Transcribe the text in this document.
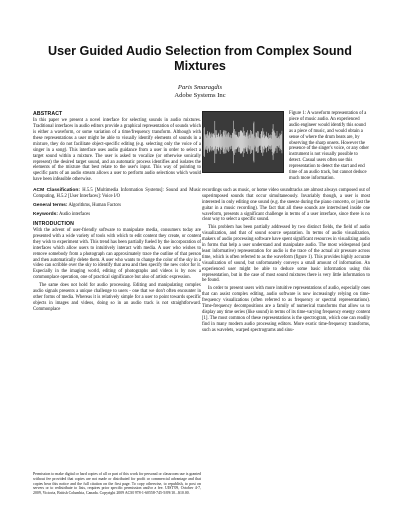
User Guided Audio Selection from Complex Sound Mixtures
Paris Smaragdis
Adobe Systems Inc
ABSTRACT
In this paper we present a novel interface for selecting sounds in audio mixtures. Traditional interfaces in audio editors provide a graphical representation of sounds which is either a waveform, or some variation of a time/frequency transform. Although with these representations a user might be able to visually identify elements of sounds in a mixture, they do not facilitate object-specific editing (e.g. selecting only the voice of a singer in a song). This interface uses audio guidance from a user in order to select a target sound within a mixture. The user is asked to vocalize (or otherwise sonically represent) the desired target sound, and an automatic process identifies and isolates the elements of the mixture that best relate to the user's input. This way of pointing to specific parts of an audio stream allows a user to perform audio selections which would have been infeasible otherwise.
ACM Classification: H.5.5 [Multimedia Information Systems]: Sound and Music Computing, H.5.2 [User Interfaces]: Voice I/O
General terms: Algorithms, Human Factors
Keywords: Audio interfaces
INTRODUCTION
With the advent of user-friendly software to manipulate media, consumers today are presented with a wide variety of tools with which to edit content they create, or content they wish to experiment with. This trend has been partially fueled by the incorporation of interfaces which allow users to intuitively interact with media. A user who wishes to remove somebody from a photograph can approximately trace the outline of that person and then automatically delete them. A user who wants to change the color of the sky in a video can scribble over the sky to identify that area and then specify the new color for it. Especially in the imaging world, editing of photographs and videos is by now a commonplace operation, one of practical significance but also of artistic expression.
The same does not hold for audio processing. Editing and manipulating complex audio signals presents a unique challenge to users - one that we don't often encounter in other forms of media. Whereas it is relatively simple for a user to point towards specific objects in images and videos, doing so in an audio track is not straightforward. Commonplace
Figure 1: A waveform representation of a piece of music audio. An experienced audio engineer would identify this sound as a piece of music, and would obtain a sense of where the drum beats are, by observing the sharp onsets. However the presence of the singer's voice, or any other instrument is not visually possible to detect. Casual users often use this representation to detect the start and end time of an audio track, but cannot deduce much more information.
recordings such as music, or home video soundtracks are almost always composed out of superimposed sounds that occur simultaneously. Invariably though, a user is most interested in only editing one sound (e.g. the sneeze during the piano concerto, or just the guitar in a music recording). The fact that all these sounds are intertwined inside one waveform, presents a significant challenge in terms of a user interface, since there is no clear way to select a specific sound.
This problem has been partially addressed by two distinct fields, the field of audio visualization, and that of sound source separation. In terms of audio visualization, makers of audio processing software have spent significant resources in visualizing audio in forms that help a user understand and manipulate audio. The most widespread (and least informative) representation for audio is the trace of the actual air pressure across time, which is often referred to as the waveform (figure 1). This provides highly accurate visualization of sound, but unfortunately conveys a small amount of information. An experienced user might be able to deduce some basic information using this representation, but in the case of most sound mixtures there is very little information to be found.
In order to present users with more intuitive representations of audio, especially ones that can assist complex editing, audio software is now increasingly relying on time-frequency visualizations (often referred to as frequency or spectral representations). Time-frequency decompositions are a family of numerical transforms that allow us to display any time series (like sound) in terms of its time-varying frequency energy content [1]. The most common of these representations is the spectrogram, which one can readily find in many modern audio processing editors. More exotic time-frequency transforms, such as wavelets, warped spectrograms and sinu-
Permission to make digital or hard copies of all or part of this work for personal or classroom use is granted without fee provided that copies are not made or distributed for profit or commercial advantage and that copies bear this notice and the full citation on the first page. To copy otherwise, to republish, to post on servers or to redistribute to lists, requires prior specific permission and/or a fee. UIST'09, October 4-7, 2009, Victoria, British Columbia, Canada. Copyright 2009 ACM 978-1-60558-745-5/09/10...$10.00.
